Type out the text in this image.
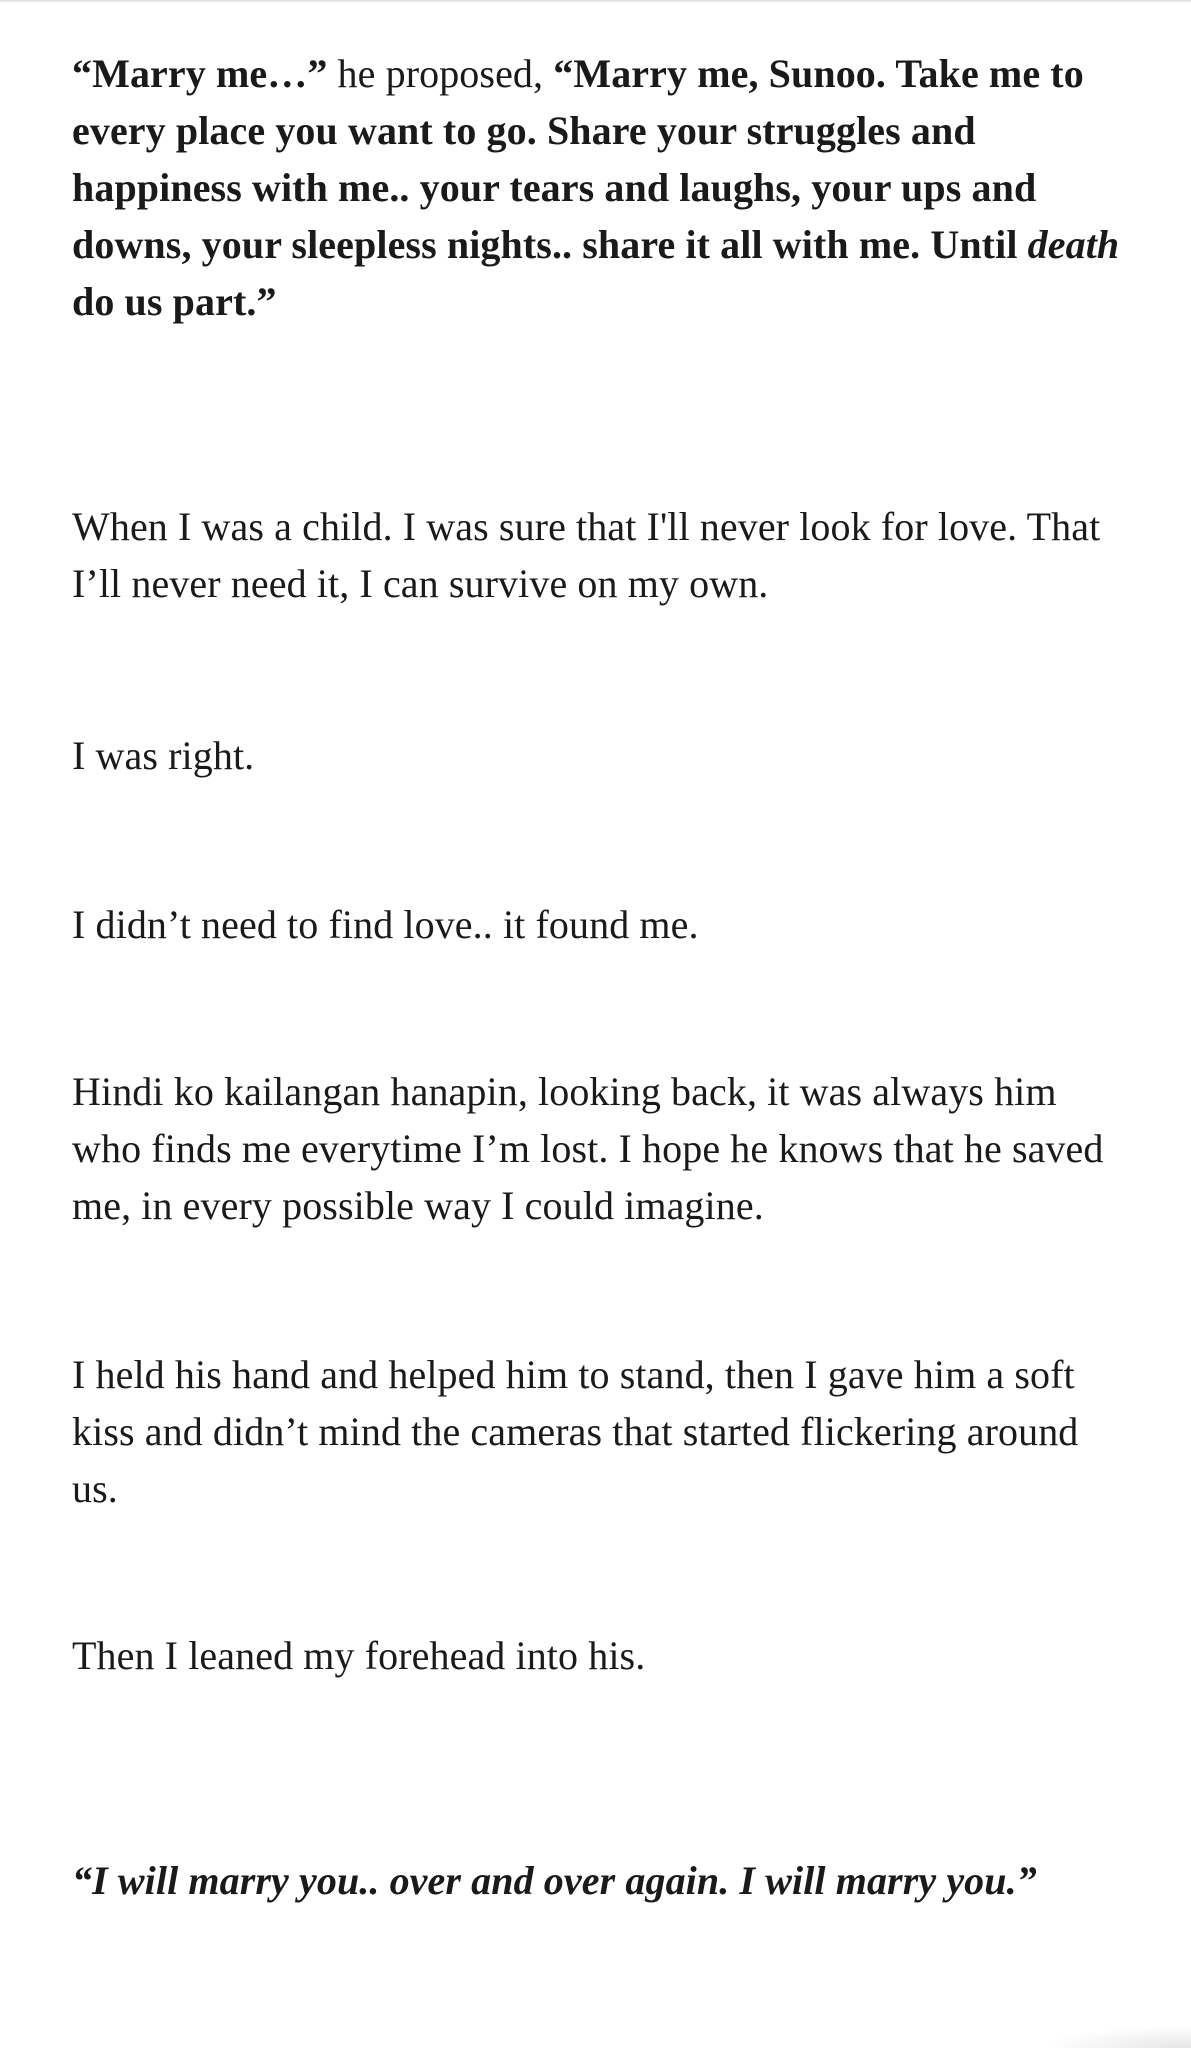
“Marry me…” he proposed, “Marry me, Sunoo. Take me to every place you want to go. Share your struggles and happiness with me.. your tears and laughs, your ups and downs, your sleepless nights.. share it all with me. Until death do us part.”

When I was a child. I was sure that I'll never look for love. That I’ll never need it, I can survive on my own.

I was right.

I didn’t need to find love.. it found me.

Hindi ko kailangan hanapin, looking back, it was always him who finds me everytime I’m lost. I hope he knows that he saved me, in every possible way I could imagine.

I held his hand and helped him to stand, then I gave him a soft kiss and didn’t mind the cameras that started flickering around us.

Then I leaned my forehead into his.

“I will marry you.. over and over again. I will marry you.”
